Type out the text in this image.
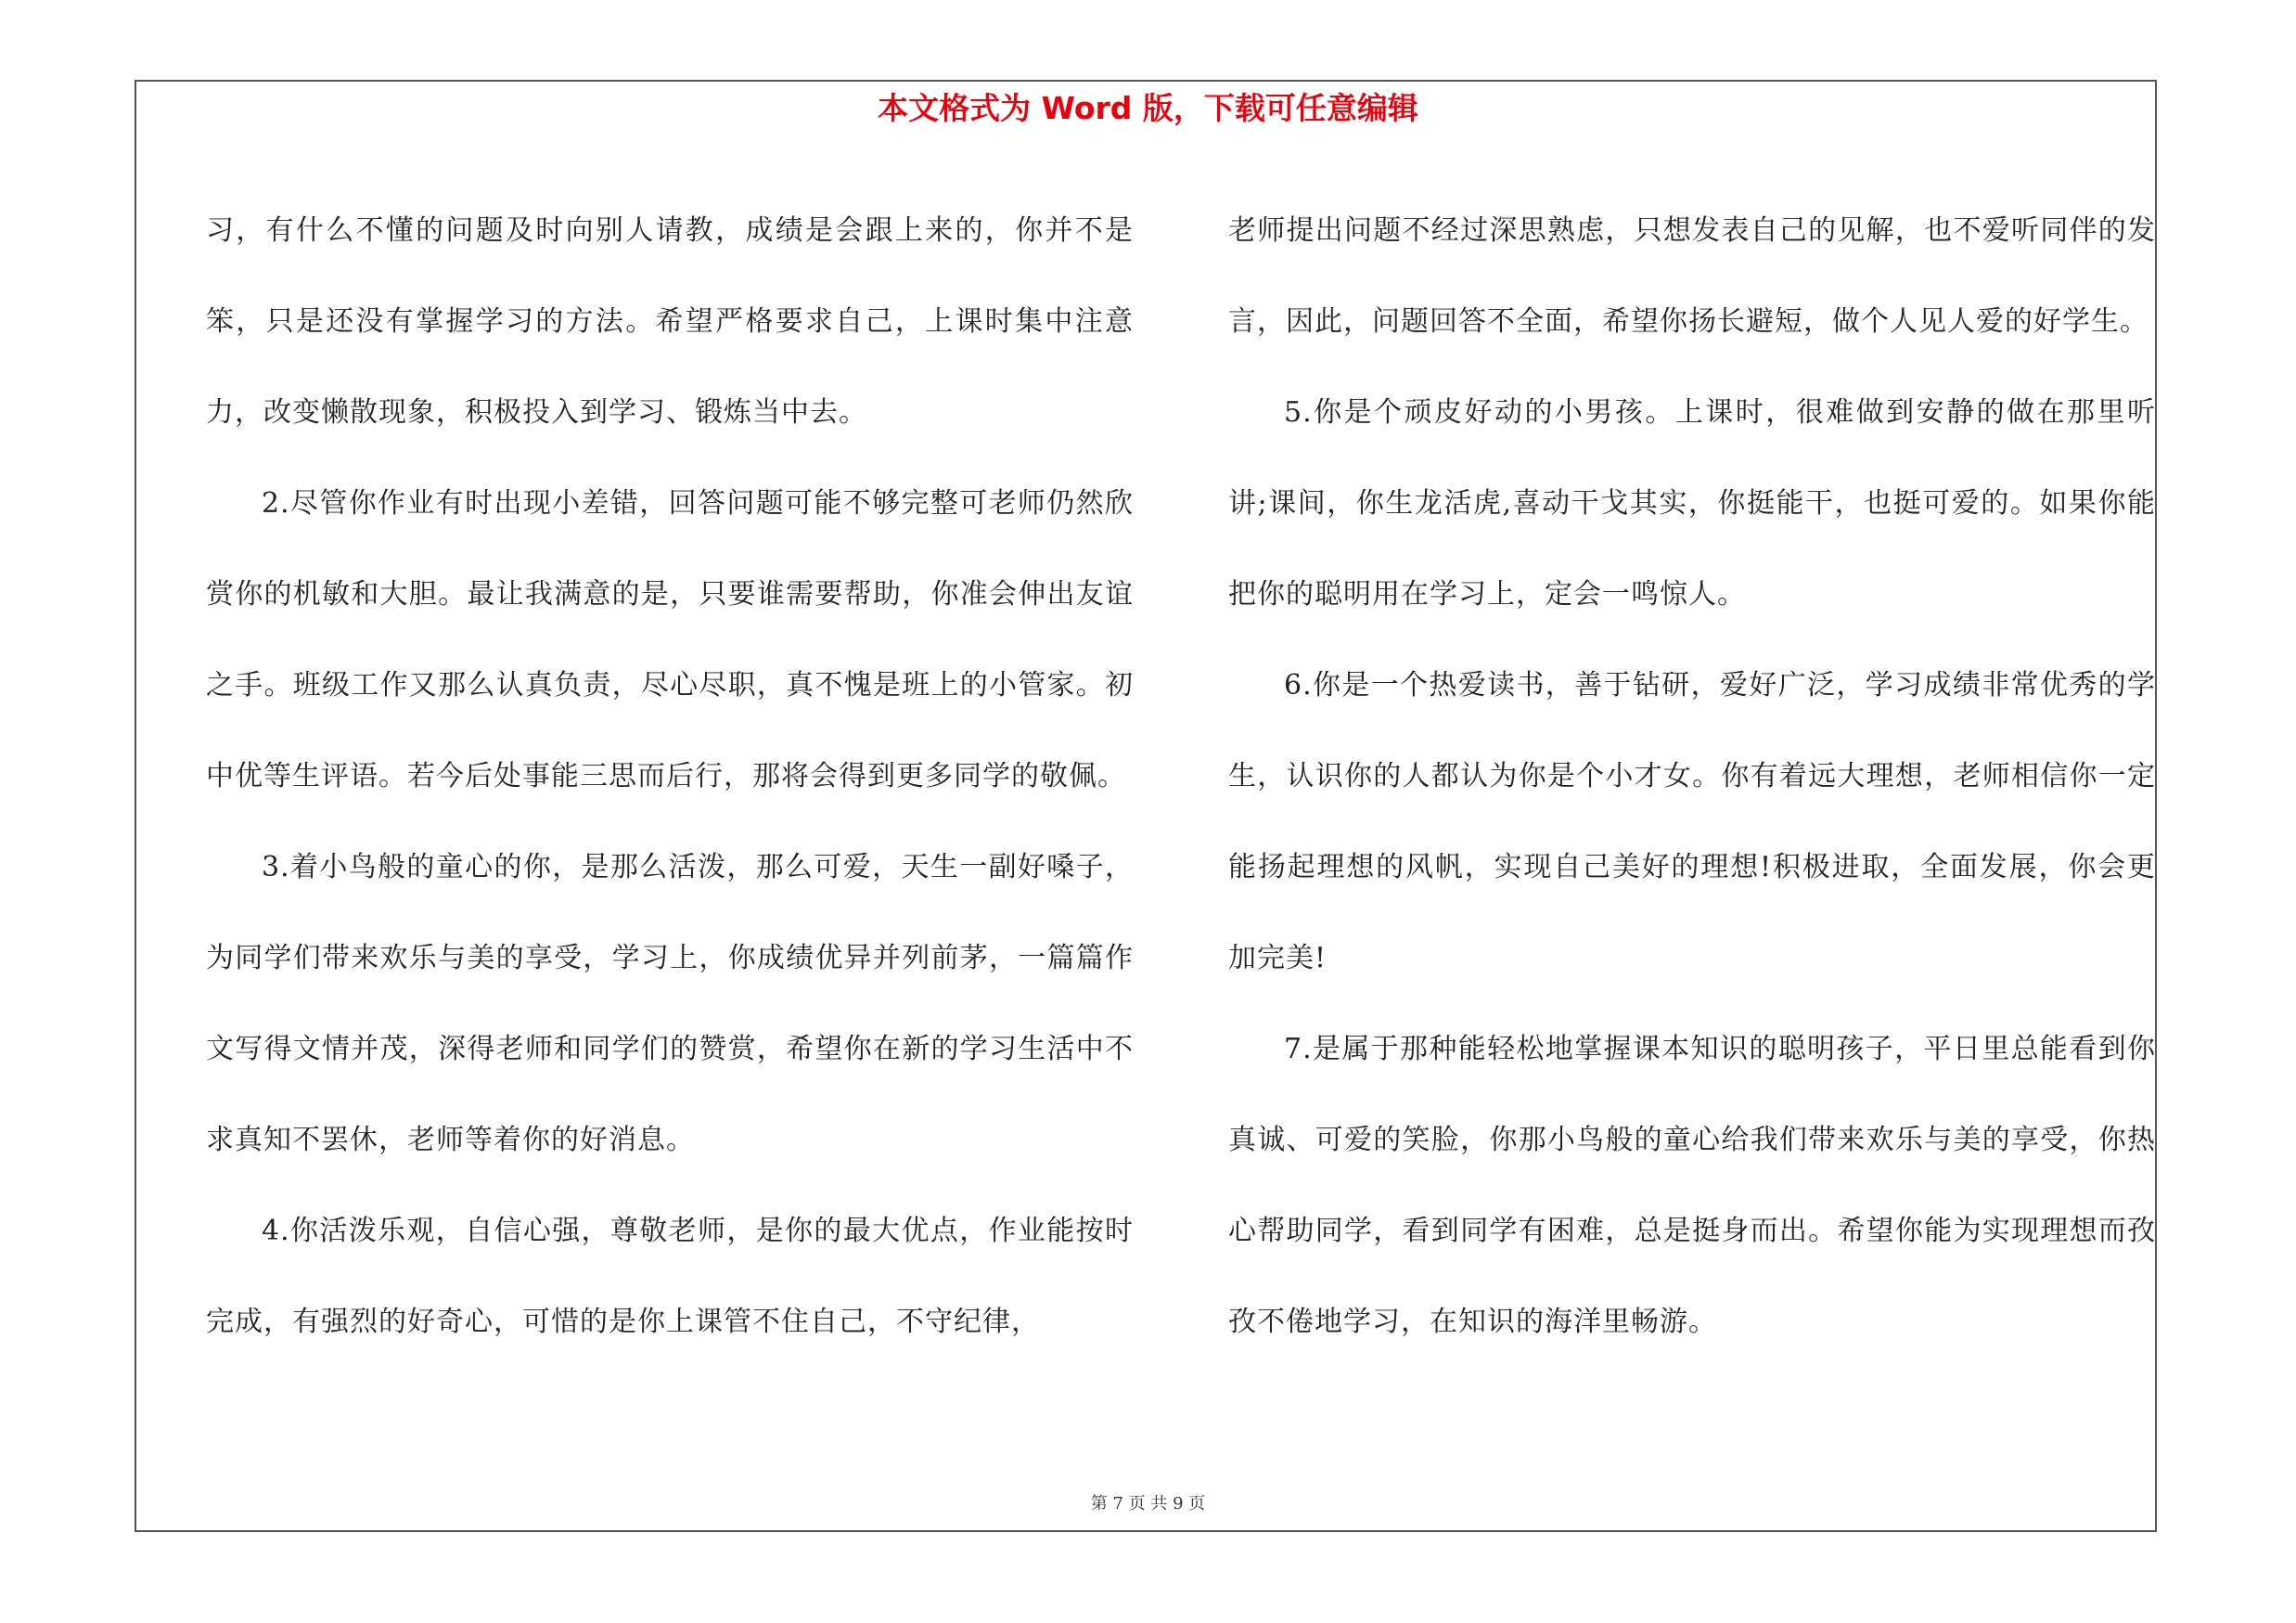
本文格式为 Word 版，下载可任意编辑

习，有什么不懂的问题及时向别人请教，成绩是会跟上来的，你并不是笨，只是还没有掌握学习的方法。希望严格要求自己，上课时集中注意力，改变懒散现象，积极投入到学习、锻炼当中去。

2.尽管你作业有时出现小差错，回答问题可能不够完整可老师仍然欣赏你的机敏和大胆。最让我满意的是，只要谁需要帮助，你准会伸出友谊之手。班级工作又那么认真负责，尽心尽职，真不愧是班上的小管家。初中优等生评语。若今后处事能三思而后行，那将会得到更多同学的敬佩。

3.着小鸟般的童心的你，是那么活泼，那么可爱，天生一副好嗓子，为同学们带来欢乐与美的享受，学习上，你成绩优异并列前茅，一篇篇作文写得文情并茂，深得老师和同学们的赞赏，希望你在新的学习生活中不求真知不罢休，老师等着你的好消息。

4.你活泼乐观，自信心强，尊敬老师，是你的最大优点，作业能按时完成，有强烈的好奇心，可惜的是你上课管不住自己，不守纪律，

老师提出问题不经过深思熟虑，只想发表自己的见解，也不爱听同伴的发言，因此，问题回答不全面，希望你扬长避短，做个人见人爱的好学生。

5.你是个顽皮好动的小男孩。上课时，很难做到安静的做在那里听讲;课间，你生龙活虎,喜动干戈其实，你挺能干，也挺可爱的。如果你能把你的聪明用在学习上，定会一鸣惊人。

6.你是一个热爱读书，善于钻研，爱好广泛，学习成绩非常优秀的学生，认识你的人都认为你是个小才女。你有着远大理想，老师相信你一定能扬起理想的风帆，实现自己美好的理想!积极进取，全面发展，你会更加完美!

7.是属于那种能轻松地掌握课本知识的聪明孩子，平日里总能看到你真诚、可爱的笑脸，你那小鸟般的童心给我们带来欢乐与美的享受，你热心帮助同学，看到同学有困难，总是挺身而出。希望你能为实现理想而孜孜不倦地学习，在知识的海洋里畅游。

第 7 页 共 9 页
